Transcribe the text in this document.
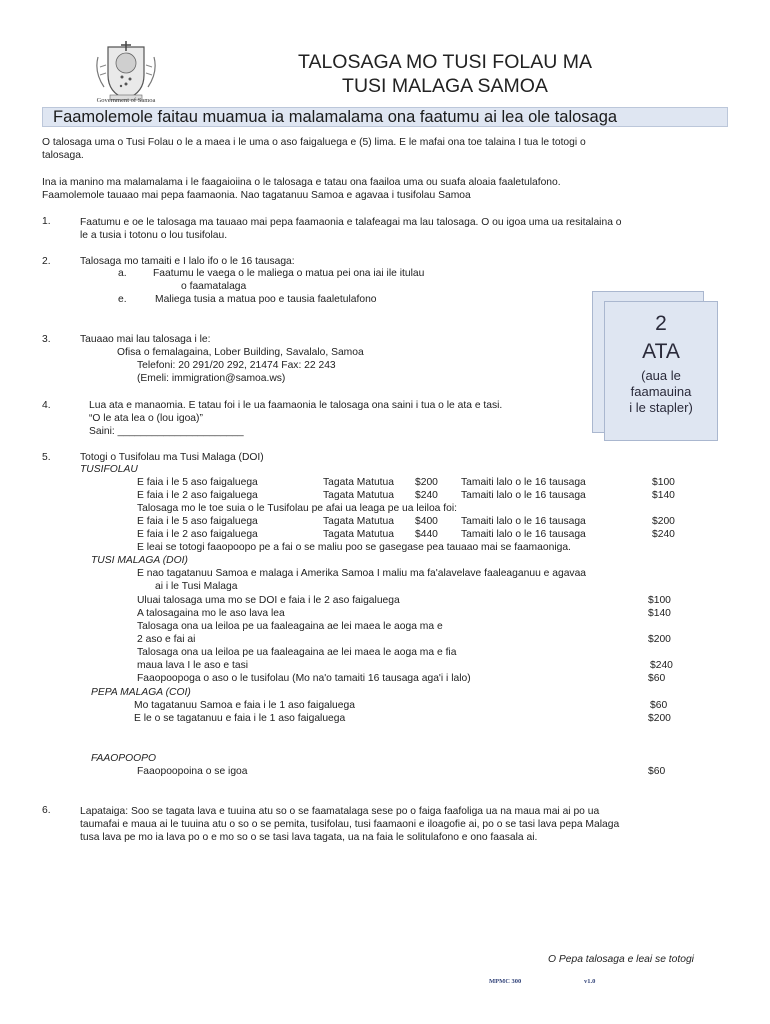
Government of Samoa
TALOSAGA MO TUSI FOLAU MA
TUSI MALAGA SAMOA
Faamolemole faitau muamua ia malamalama ona faatumu ai lea ole talosaga
O talosaga uma o Tusi Folau o le a maea i le uma o aso faigaluega e (5) lima. E le mafai ona toe talaina I tua le totogi o
talosaga.
Ina ia manino ma malamalama i le faagaioiina o le talosaga e tatau ona faailoa uma ou suafa aloaia faaletulafono.
Faamolemole tauaao mai pepa faamaonia. Nao tagatanuu Samoa e agavaa i tusifolau Samoa
1.	Faatumu e oe le talosaga ma tauaao mai pepa faamaonia e talafeagai ma lau talosaga. O ou igoa uma ua resitalaina o
le a tusia i totonu o lou tusifolau.
2.	Talosaga mo tamaiti e I lalo ifo o le 16 tausaga:
a.	Faatumu le vaega o le maliega o matua pei ona iai ile itulau
o faamatalaga
e.	Maliega tusia a matua poo e tausia faaletulafono
2
ATA
(aua le
faamauina
i le stapler)
3.	Tauaao mai lau talosaga i le:
Ofisa o femalagaina, Lober Building, Savalalo, Samoa
Telefoni: 20 291/20 292, 21474 Fax: 22 243
(Emeli: immigration@samoa.ws)
4.	Lua ata e manaomia. E tatau foi i le ua faamaonia le talosaga ona saini i tua o le ata e tasi.
“O le ata lea o (lou igoa)”
Saini: ______________________
5.	Totogi o Tusifolau ma Tusi Malaga (DOI)
TUSIFOLAU
E faia i le 5 aso faigaluega	Tagata Matutua $200 Tamaiti lalo o le 16 tausaga	$100
E faia i le 2 aso faigaluega	Tagata Matutua $240 Tamaiti lalo o le 16 tausaga	$140
Talosaga mo le toe suia o le Tusifolau pe afai ua leaga pe ua leiloa foi:
E faia i le 5 aso faigaluega	Tagata Matutua $400 Tamaiti lalo o le 16 tausaga	$200
E faia i le 2 aso faigaluega	Tagata Matutua $440 Tamaiti lalo o le 16 tausaga	$240
E leai se totogi faaopoopo pe a fai o se maliu poo se gasegase pea tauaao mai se faamaoniga.
TUSI MALAGA (DOI)
E nao tagatanuu Samoa e malaga i Amerika Samoa I maliu ma fa'alavelave faaleaganuu e agavaa
ai i le Tusi Malaga
Uluai talosaga uma mo se DOI e faia i le 2 aso faigaluega	$100
A talosagaina mo le aso lava lea	$140
Talosaga ona ua leiloa pe ua faaleagaina ae lei maea le aoga ma e
2 aso e fai ai	$200
Talosaga ona ua leiloa pe ua faaleagaina ae lei maea le aoga ma e fia
maua lava I le aso e tasi	$240
Faaopoopoga o aso o le tusifolau (Mo na'o tamaiti 16 tausaga aga'i i lalo)	$60
PEPA MALAGA (COI)
Mo tagatanuu Samoa e faia i le 1 aso faigaluega	$60
E le o se tagatanuu e faia i le 1 aso faigaluega	$200
FAAOPOOPO
Faaopoopoina o se igoa	$60
6.	Lapataiga: Soo se tagata lava e tuuina atu so o se faamatalaga sese po o faiga faafoliga ua na maua mai ai po ua
taumafai e maua ai le tuuina atu o so o se pemita, tusifolau, tusi faamaoni e iloagofie ai, po o se tasi lava pepa Malaga
tusa lava pe mo ia lava po o e mo so o se tasi lava tagata, ua na faia le solitulafono e ono faasala ai.
O Pepa talosaga e leai se totogi
MPMC 300	v1.0
